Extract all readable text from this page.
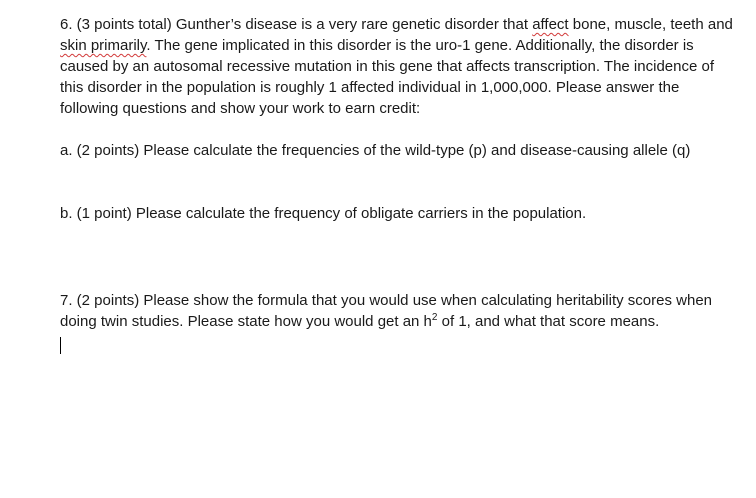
6. (3 points total) Gunther’s disease is a very rare genetic disorder that affect bone, muscle, teeth and skin primarily. The gene implicated in this disorder is the uro-1 gene. Additionally, the disorder is caused by an autosomal recessive mutation in this gene that affects transcription. The incidence of this disorder in the population is roughly 1 affected individual in 1,000,000. Please answer the following questions and show your work to earn credit:

a. (2 points) Please calculate the frequencies of the wild-type (p) and disease-causing allele (q)

b. (1 point) Please calculate the frequency of obligate carriers in the population.

7. (2 points) Please show the formula that you would use when calculating heritability scores when doing twin studies. Please state how you would get an $h^2$ of 1, and what that score means.
